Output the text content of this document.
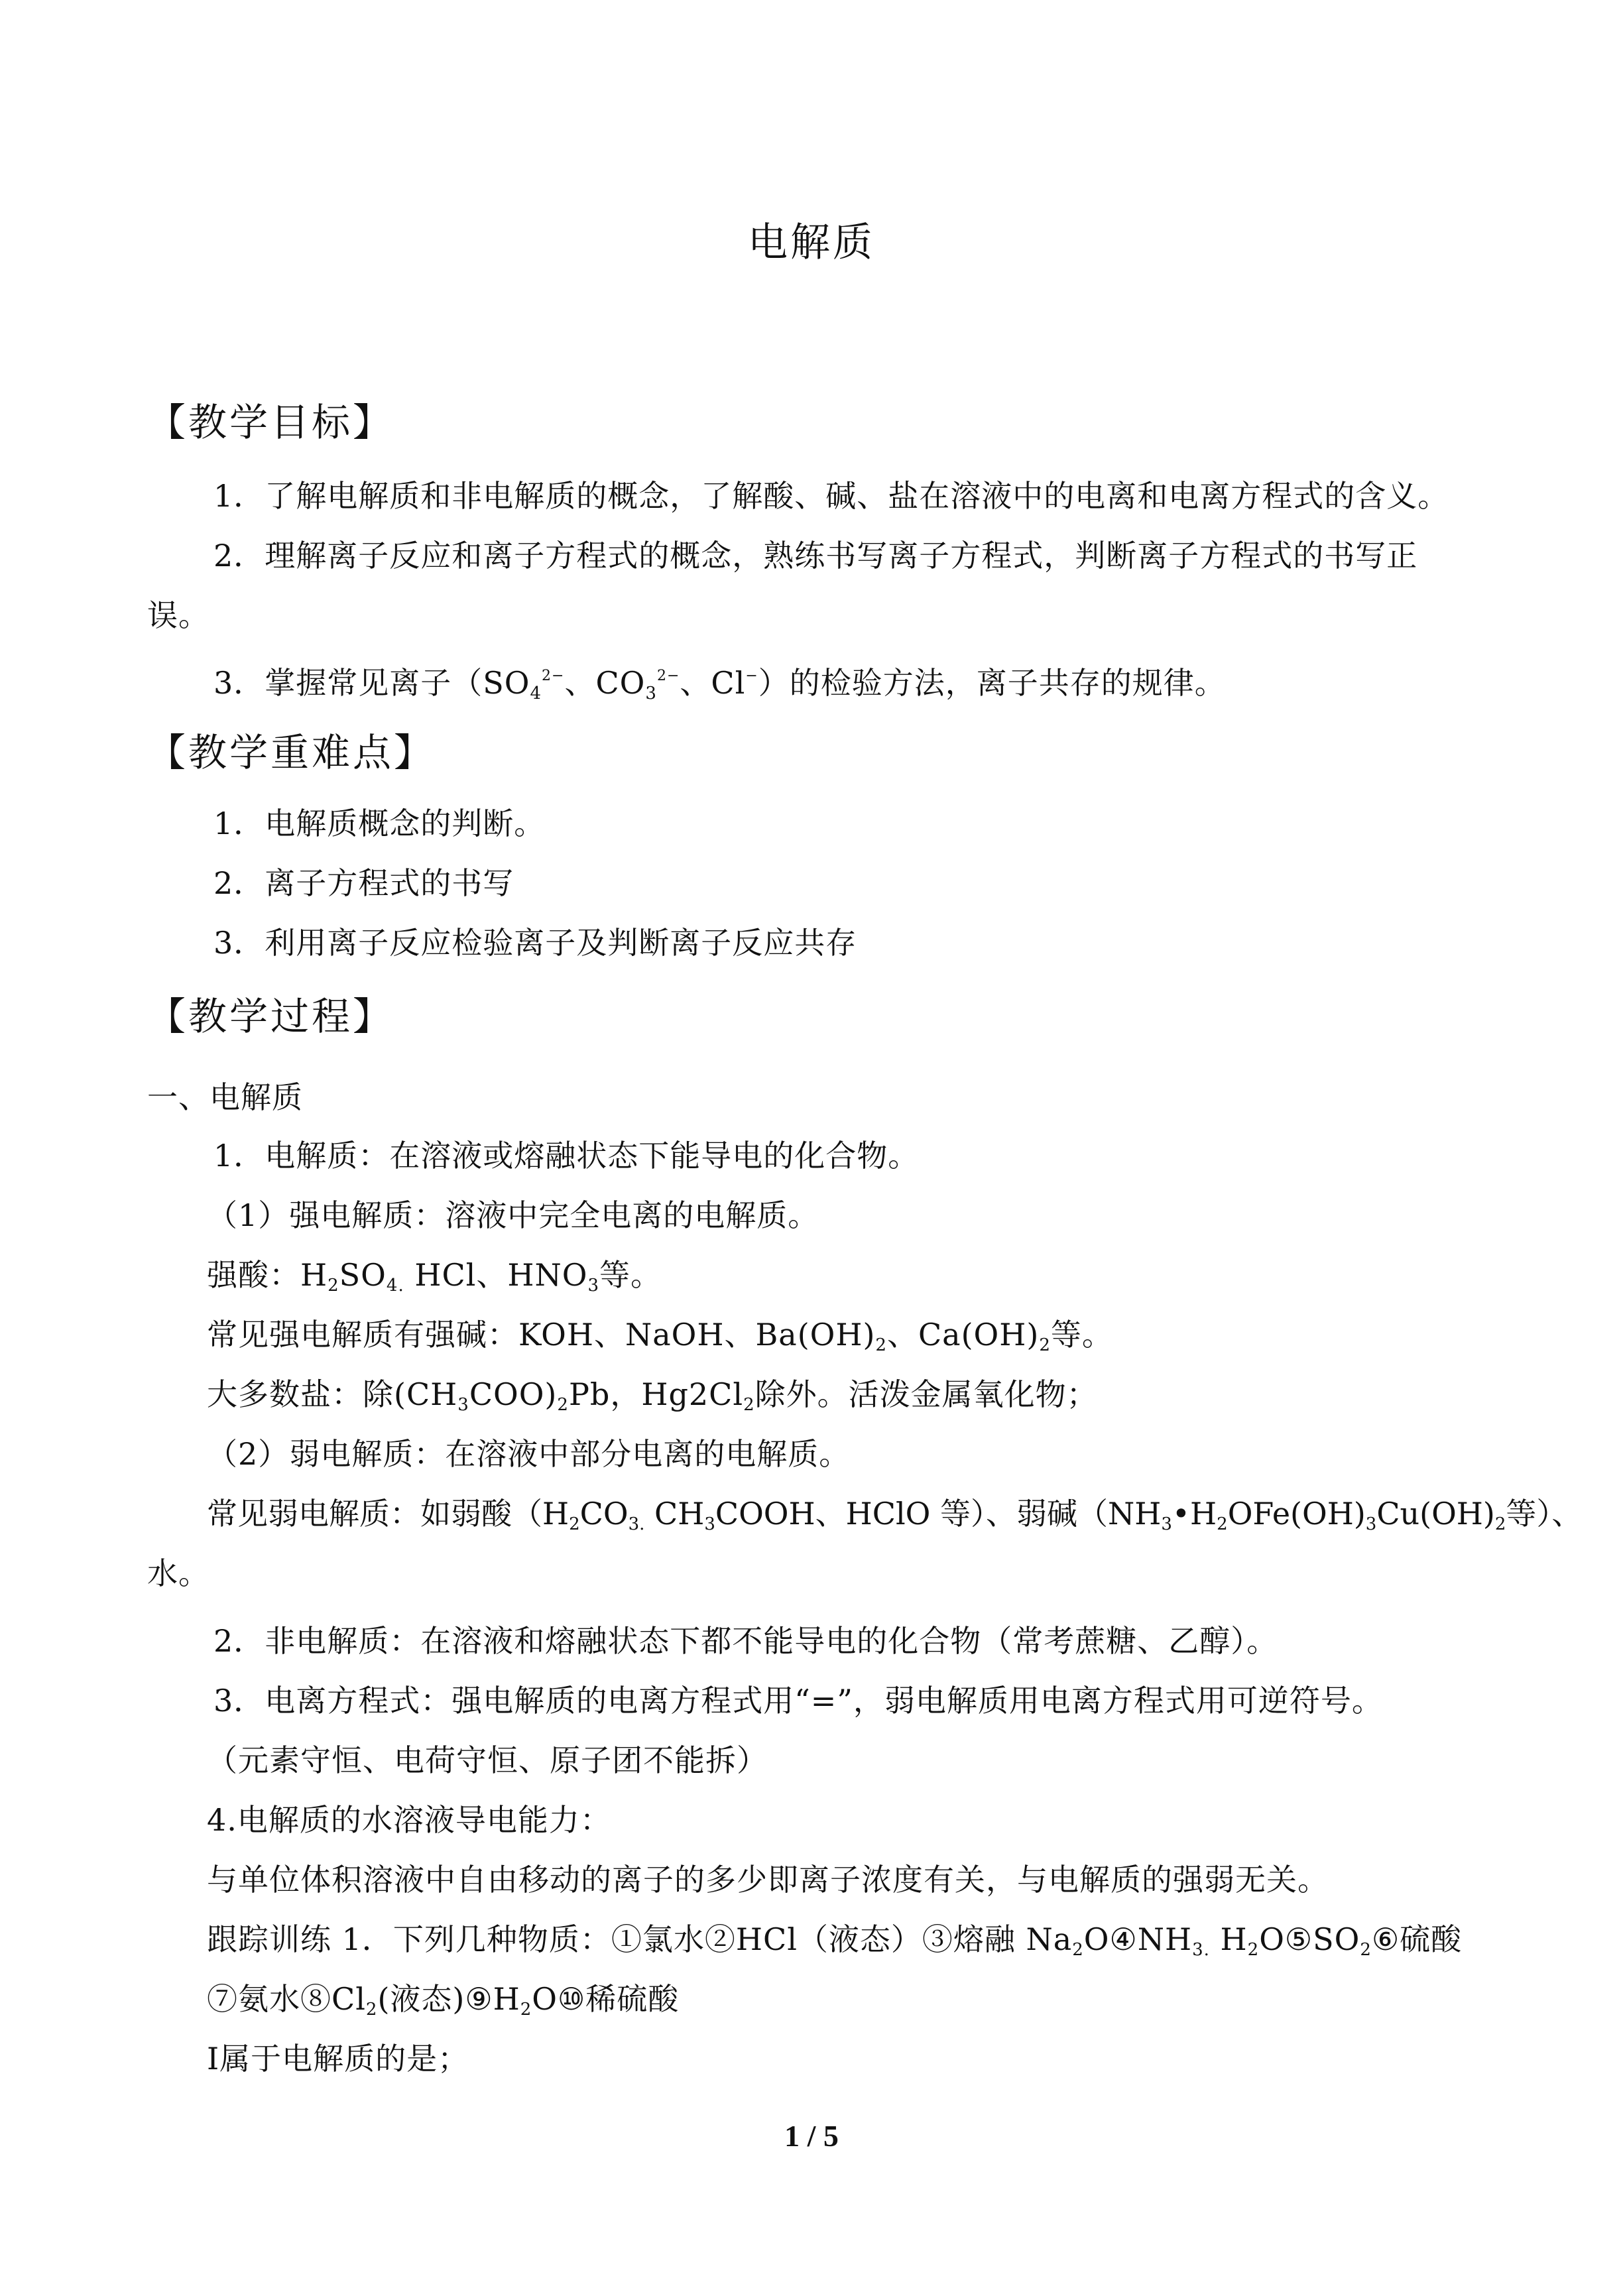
电解质
【教学目标】
1．了解电解质和非电解质的概念，了解酸、碱、盐在溶液中的电离和电离方程式的含义。
2．理解离子反应和离子方程式的概念，熟练书写离子方程式，判断离子方程式的书写正
误。
3．掌握常见离子（$SO_4^{2-}$、$CO_3^{2-}$、Cl−）的检验方法，离子共存的规律。
【教学重难点】
1．电解质概念的判断。
2．离子方程式的书写
3．利用离子反应检验离子及判断离子反应共存
【教学过程】
一、电解质
1．电解质：在溶液或熔融状态下能导电的化合物。
（1）强电解质：溶液中完全电离的电解质。
强酸：$H_2SO_{4.}$ HCl、$HNO_3$等。
常见强电解质有强碱：KOH、NaOH、$Ba(OH)_2$、$Ca(OH)_2$等。
大多数盐：除$(CH_3COO)_2Pb$，$Hg2Cl_2$除外。活泼金属氧化物；
（2）弱电解质：在溶液中部分电离的电解质。
常见弱电解质：如弱酸（$H_2CO_{3.}$ $CH_3COOH$、HClO 等）、弱碱（$NH_3•H_2OFe(OH)_3Cu(OH)_2$等）、
水。
2．非电解质：在溶液和熔融状态下都不能导电的化合物（常考蔗糖、乙醇）。
3．电离方程式：强电解质的电离方程式用“=”，弱电解质用电离方程式用可逆符号。
（元素守恒、电荷守恒、原子团不能拆）
4.电解质的水溶液导电能力：
与单位体积溶液中自由移动的离子的多少即离子浓度有关，与电解质的强弱无关。
跟踪训练 1．下列几种物质：①氯水②HCl（液态）③熔融 $Na_2O④NH_{3.}$ $H_2O⑤SO_2⑥$硫酸
⑦氨水$⑧Cl_2$(液态)$⑨H_2O⑩$稀硫酸
Ⅰ属于电解质的是；
1 / 5
